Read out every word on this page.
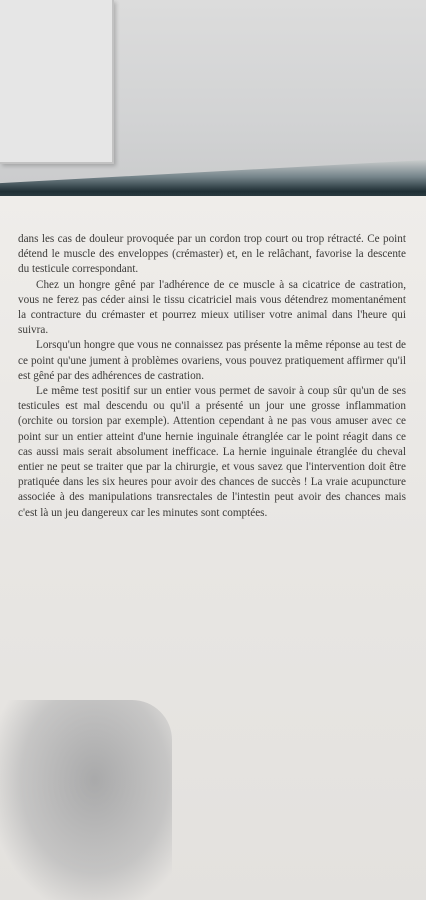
dans les cas de douleur provoquée par un cordon trop court ou trop rétracté. Ce point détend le muscle des enveloppes (crémaster) et, en le relâchant, favorise la descente du testicule correspondant.

Chez un hongre gêné par l'adhérence de ce muscle à sa cicatrice de castration, vous ne ferez pas céder ainsi le tissu cicatriciel mais vous détendrez momentanément la contracture du crémaster et pourrez mieux utiliser votre animal dans l'heure qui suivra.

Lorsqu'un hongre que vous ne connaissez pas présente la même réponse au test de ce point qu'une jument à problèmes ovariens, vous pouvez pratiquement affirmer qu'il est gêné par des adhérences de castration.

Le même test positif sur un entier vous permet de savoir à coup sûr qu'un de ses testicules est mal descendu ou qu'il a présenté un jour une grosse inflammation (orchite ou torsion par exemple). Attention cependant à ne pas vous amuser avec ce point sur un entier atteint d'une hernie inguinale étranglée car le point réagit dans ce cas aussi mais serait absolument inefficace. La hernie inguinale étranglée du cheval entier ne peut se traiter que par la chirurgie, et vous savez que l'intervention doit être pratiquée dans les six heures pour avoir des chances de succès ! La vraie acupuncture associée à des manipulations transrectales de l'intestin peut avoir des chances mais c'est là un jeu dangereux car les minutes sont comptées.
